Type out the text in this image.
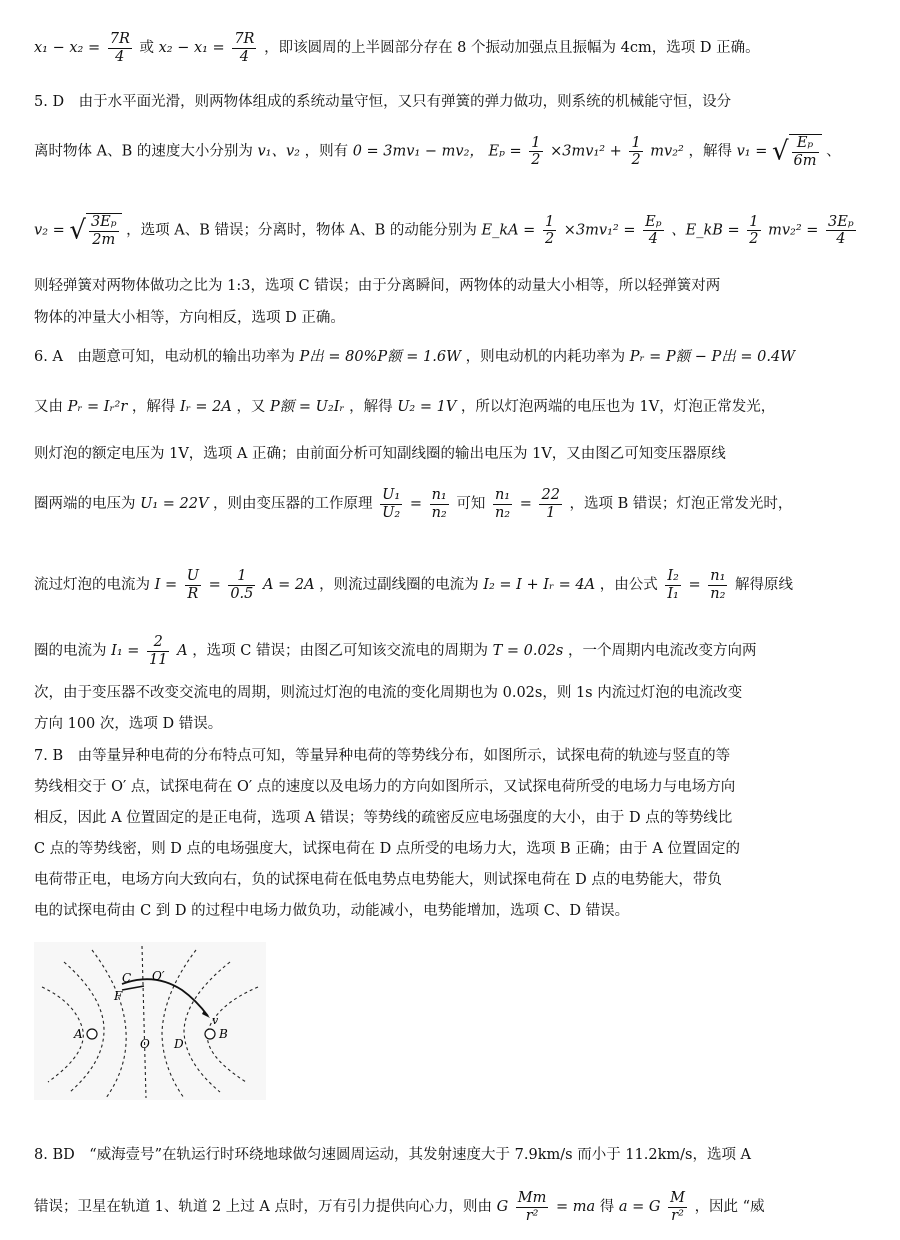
$x_1 - x_2 = \frac{7R}{4}$ 或 $x_2 - x_1 = \frac{7R}{4}$ ，即该圆周的上半圆部分存在 8 个振动加强点且振幅为 4cm，选项 D 正确。
5. D　由于水平面光滑，则两物体组成的系统动量守恒，又只有弹簧的弹力做功，则系统的机械能守恒，设分
离时物体 A、B 的速度大小分别为 v₁、v₂ ，则有 0 = 3mv₁ − mv₂， $E_p = \frac{1}{2} \times 3mv_1^2 + \frac{1}{2} mv_2^2$ ，解得 v₁ = √ $\frac{\text{Eₚ}}{6m}$ 、
v₂ = √ $\frac{\text{3Eₚ}}{2m}$ ，选项 A、B 错误；分离时，物体 A、B 的动能分别为 E_kA = $\frac{1}{2} \times 3mv_1^2 = \frac{\text{Eₚ}}{4}$ 、E_kB = $\frac{1}{2} mv_2^2 = \frac{\text{3Eₚ}}{4}$
则轻弹簧对两物体做功之比为 1:3，选项 C 错误；由于分离瞬间，两物体的动量大小相等，所以轻弹簧对两
物体的冲量大小相等，方向相反，选项 D 正确。
6. A　由题意可知，电动机的输出功率为 P出 = 80%P额 = 1.6W ，则电动机的内耗功率为 Pᵣ = P额 − P出 = 0.4W
又由 Pᵣ = Iᵣ²r ，解得 Iᵣ = 2A ，又 P额 = U₂Iᵣ ，解得 U₂ = 1V ，所以灯泡两端的电压也为 1V，灯泡正常发光，
则灯泡的额定电压为 1V，选项 A 正确；由前面分析可知副线圈的输出电压为 1V，又由图乙可知变压器原线
圈两端的电压为 U₁ = 22V ，则由变压器的工作原理 $\frac{\text{U₁}}{\text{U₂}} = \frac{\text{n₁}}{\text{n₂}}$ 可知 $\frac{\text{n₁}}{\text{n₂}} = \frac{22}{1}$ ，选项 B 错误；灯泡正常发光时，
流过灯泡的电流为 $I = \frac{U}{R} = \frac{1}{0.5}$ A = 2A ，则流过副线圈的电流为 I₂ = I + Iᵣ = 4A ，由公式 $\frac{\text{I₂}}{\text{I₁}} = \frac{\text{n₁}}{\text{n₂}}$ 解得原线
圈的电流为 $I_1 = \frac{2}{11}$ A ，选项 C 错误；由图乙可知该交流电的周期为 T = 0.02s ，一个周期内电流改变方向两
次，由于变压器不改变交流电的周期，则流过灯泡的电流的变化周期也为 0.02s，则 1s 内流过灯泡的电流改变
方向 100 次，选项 D 错误。
7. B　由等量异种电荷的分布特点可知，等量异种电荷的等势线分布，如图所示，试探电荷的轨迹与竖直的等
势线相交于 O′ 点，试探电荷在 O′ 点的速度以及电场力的方向如图所示，又试探电荷所受的电场力与电场方向
相反，因此 A 位置固定的是正电荷，选项 A 错误；等势线的疏密反应电场强度的大小，由于 D 点的等势线比
C 点的等势线密，则 D 点的电场强度大，试探电荷在 D 点所受的电场力大，选项 B 正确；由于 A 位置固定的
电荷带正电，电场方向大致向右，负的试探电荷在低电势点电势能大，则试探电荷在 D 点的电势能大，带负
电的试探电荷由 C 到 D 的过程中电场力做负功，动能减小，电势能增加，选项 C、D 错误。
A	B
C
O
O′
D
F
v
8. BD　“威海壹号”在轨运行时环绕地球做匀速圆周运动，其发射速度大于 7.9km/s 而小于 11.2km/s，选项 A
错误；卫星在轨道 1、轨道 2 上过 A 点时，万有引力提供向心力，则由 G $\frac{Mm}{\text{r²}}$ = ma 得 a = G $\frac{M}{\text{r²}}$ ，因此 “威
